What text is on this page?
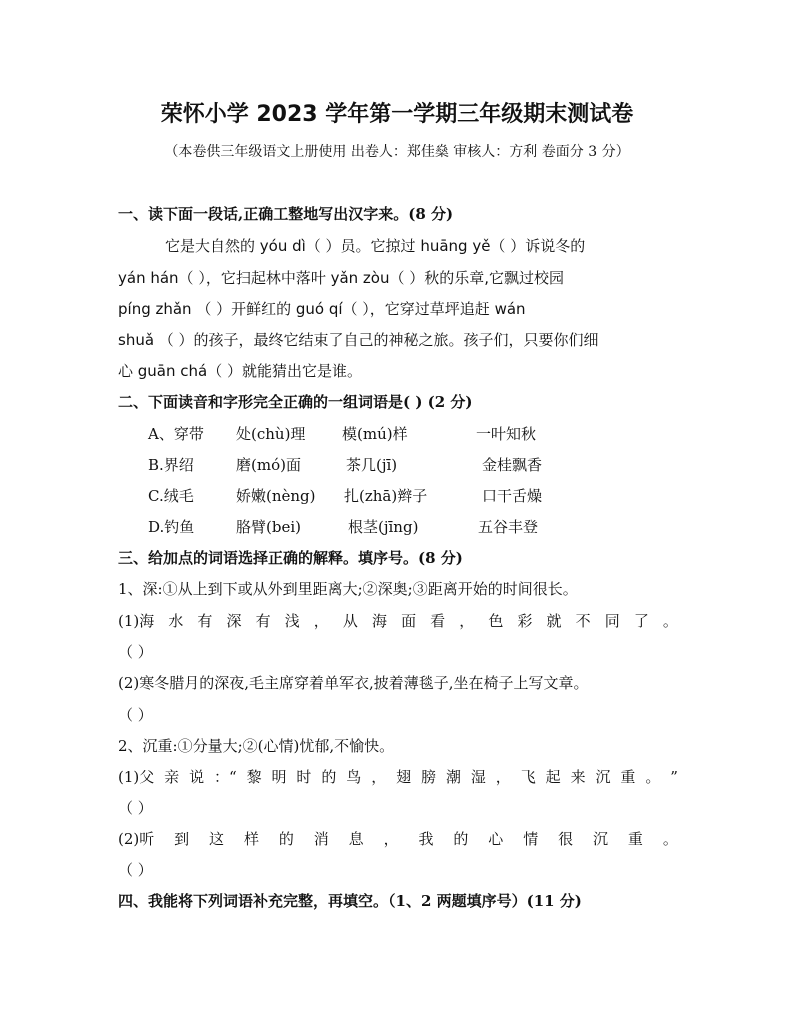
荣怀小学 2023 学年第一学期三年级期末测试卷
（本卷供三年级语文上册使用 出卷人：郑佳燊 审核人：方利 卷面分 3 分）
一、读下面一段话,正确工整地写出汉字来。(8 分)
它是大自然的 yóu dì（ ）员。它掠过 huāng yě（ ）诉说冬的
yán hán（ ），它扫起林中落叶 yǎn zòu（ ）秋的乐章,它飘过校园
píng zhǎn （ ）开鲜红的 guó qí（ ），它穿过草坪追赶 wán
shuǎ （ ）的孩子，最终它结束了自己的神秘之旅。孩子们，只要你们细
心 guān chá（ ）就能猜出它是谁。
二、下面读音和字形完全正确的一组词语是( ) (2 分)
A、穿带 处(chù)理 模(mú)样	一叶知秋
B.界绍	磨(mó)面	茶几(jī)	金桂飘香
C.绒毛	娇嫩(nèng) 扎(zhā)辫子	口干舌燥
D.钓鱼	胳臂(bei)	根茎(jīng)	五谷丰登
三、给加点的词语选择正确的解释。填序号。(8 分)
1、深:①从上到下或从外到里距离大;②深奥;③距离开始的时间很长。
(1)海 水 有 深 有 浅 ， 从 海 面 看 ， 色 彩 就 不 同 了 。
（ ）
(2)寒冬腊月的深夜,毛主席穿着单军衣,披着薄毯子,坐在椅子上写文章。
（ ）
2、沉重:①分量大;②(心情)忧郁,不愉快。
(1)父 亲 说 ：“ 黎 明 时 的 鸟 ， 翅 膀 潮 湿 ， 飞 起 来 沉 重 。 ”
（ ）
(2)听 到 这 样 的 消 息 ， 我 的 心 情 很 沉 重 。
（ ）
四、我能将下列词语补充完整，再填空。（1、2 两题填序号）(11 分)
